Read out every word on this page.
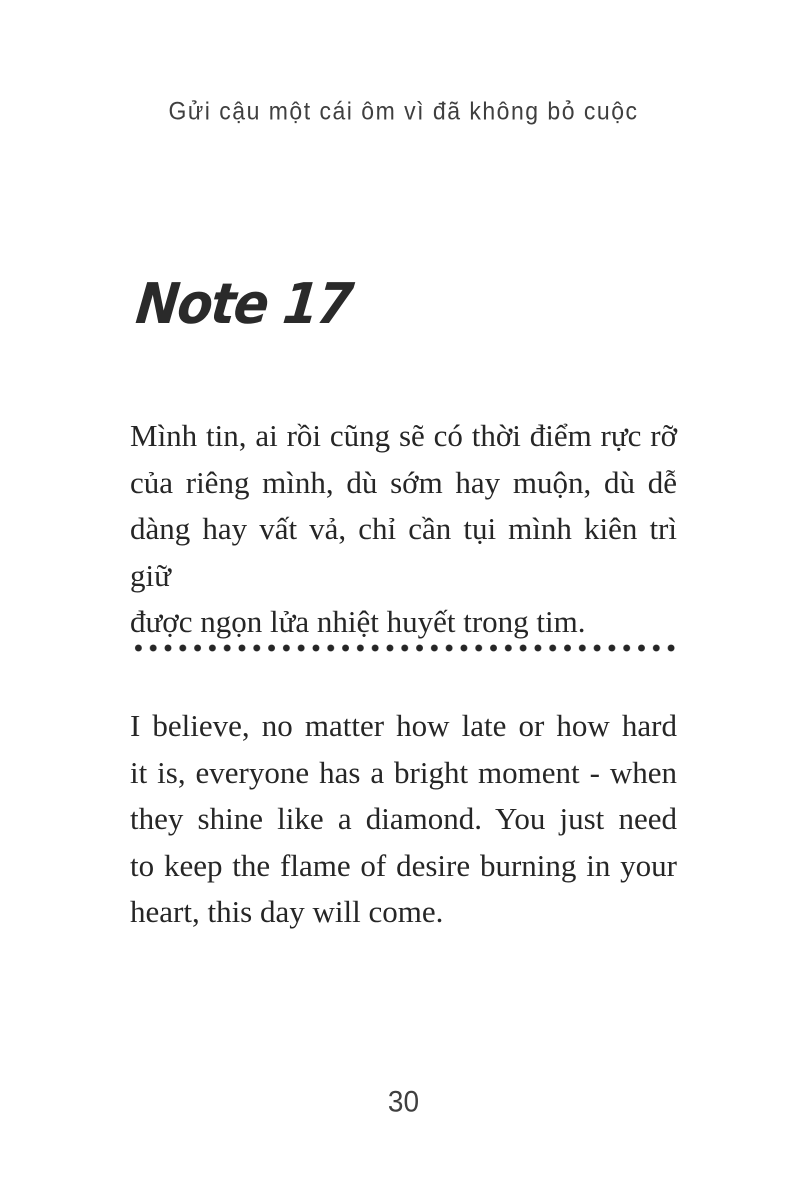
Gửi cậu một cái ôm vì đã không bỏ cuộc
Note 17
Mình tin, ai rồi cũng sẽ có thời điểm rực rỡ
của riêng mình, dù sớm hay muộn, dù dễ
dàng hay vất vả, chỉ cần tụi mình kiên trì giữ
được ngọn lửa nhiệt huyết trong tim.
I believe, no matter how late or how hard
it is, everyone has a bright moment - when
they shine like a diamond. You just need
to keep the flame of desire burning in your
heart, this day will come.
30
